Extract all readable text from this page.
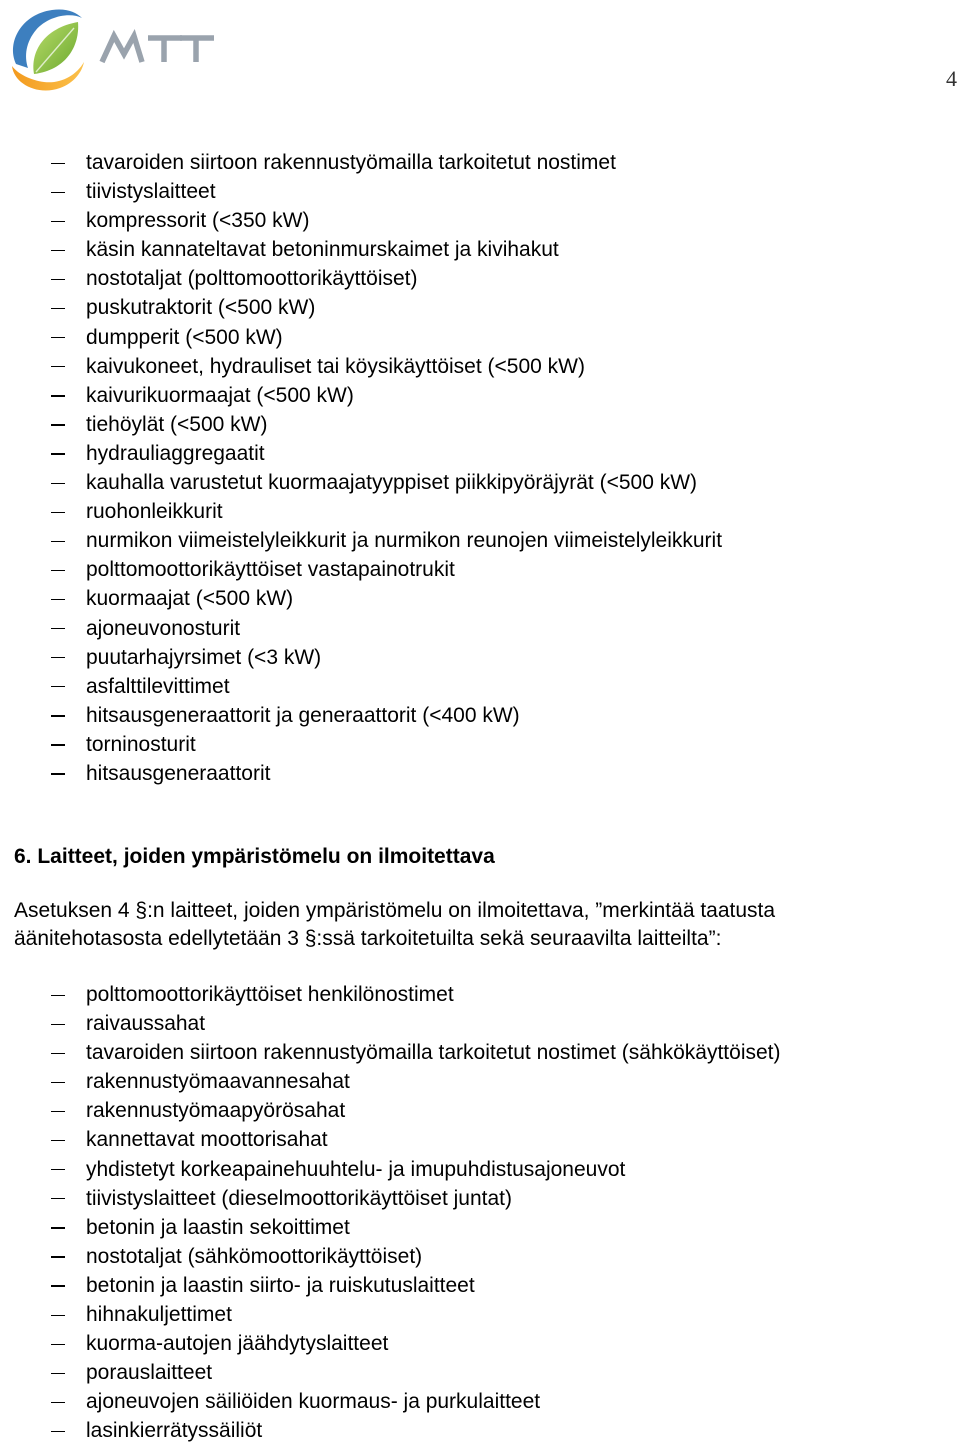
4
tavaroiden siirtoon rakennustyömailla tarkoitetut nostimet
tiivistyslaitteet
kompressorit (<350 kW)
käsin kannateltavat betoninmurskaimet ja kivihakut
nostotaljat (polttomoottorikäyttöiset)
puskutraktorit (<500 kW)
dumpperit (<500 kW)
kaivukoneet, hydrauliset tai köysikäyttöiset (<500 kW)
kaivurikuormaajat (<500 kW)
tiehöylät (<500 kW)
hydrauliaggregaatit
kauhalla varustetut kuormaajatyyppiset piikkipyöräjyrät (<500 kW)
ruohonleikkurit
nurmikon viimeistelyleikkurit ja nurmikon reunojen viimeistelyleikkurit
polttomoottorikäyttöiset vastapainotrukit
kuormaajat (<500 kW)
ajoneuvonosturit
puutarhajyrsimet (<3 kW)
asfalttilevittimet
hitsausgeneraattorit ja generaattorit (<400 kW)
torninosturit
hitsausgeneraattorit
6. Laitteet, joiden ympäristömelu on ilmoitettava
Asetuksen 4 §:n laitteet, joiden ympäristömelu on ilmoitettava, ”merkintää taatusta
äänitehotasosta edellytetään 3 §:ssä tarkoitetuilta sekä seuraavilta laitteilta”:
polttomoottorikäyttöiset henkilönostimet
raivaussahat
tavaroiden siirtoon rakennustyömailla tarkoitetut nostimet (sähkökäyttöiset)
rakennustyömaavannesahat
rakennustyömaapyörösahat
kannettavat moottorisahat
yhdistetyt korkeapainehuuhtelu- ja imupuhdistusajoneuvot
tiivistyslaitteet (dieselmoottorikäyttöiset juntat)
betonin ja laastin sekoittimet
nostotaljat (sähkömoottorikäyttöiset)
betonin ja laastin siirto- ja ruiskutuslaitteet
hihnakuljettimet
kuorma-autojen jäähdytyslaitteet
porauslaitteet
ajoneuvojen säiliöiden kuormaus- ja purkulaitteet
lasinkierrätyssäiliöt
